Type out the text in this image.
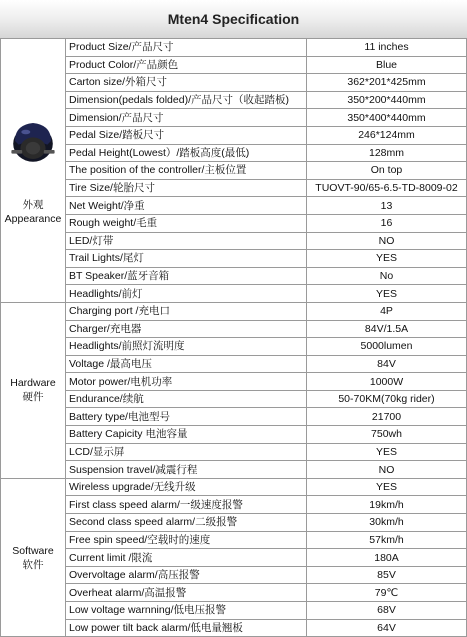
Mten4 Specification
外观
Appearance	Product Size/产品尺寸	11 inches
	Product Color/产品颜色	Blue
	Carton size/外箱尺寸	362*201*425mm
	Dimension(pedals folded)/产品尺寸（收起踏板)	350*200*440mm
	Dimension/产品尺寸	350*400*440mm
	Pedal Size/踏板尺寸	246*124mm
	Pedal Height(Lowest）/踏板高度(最低)	128mm
	The position of the controller/主板位置	On top
	Tire Size/轮胎尺寸	TUOVT-90/65-6.5-TD-8009-02
	Net Weight/净重	13
	Rough weight/毛重	16
	LED/灯带	NO
	Trail Lights/尾灯	YES
	BT Speaker/蓝牙音箱	No
	Headlights/前灯	YES

Hardware
硬件	Charging port /充电口	4P
	Charger/充电器	84V/1.5A
	Headlights/前照灯流明度	5000lumen
	Voltage /最高电压	84V
	Motor power/电机功率	1000W
	Endurance/续航	50-70KM(70kg rider)
	Battery type/电池型号	21700
	Battery Capicity 电池容量	750wh
	LCD/显示屏	YES
	Suspension travel/减震行程	NO

Software
软件	Wireless upgrade/无线升级	YES
	First class speed alarm/一级速度报警	19km/h
	Second class speed alarm/二级报警	30km/h
	Free spin speed/空载时的速度	57km/h
	Current limit /限流	180A
	Overvoltage alarm/高压报警	85V
	Overheat alarm/高温报警	79℃
	Low voltage warnning/低电压报警	68V
	Low power tilt back alarm/低电量翘板	64V
